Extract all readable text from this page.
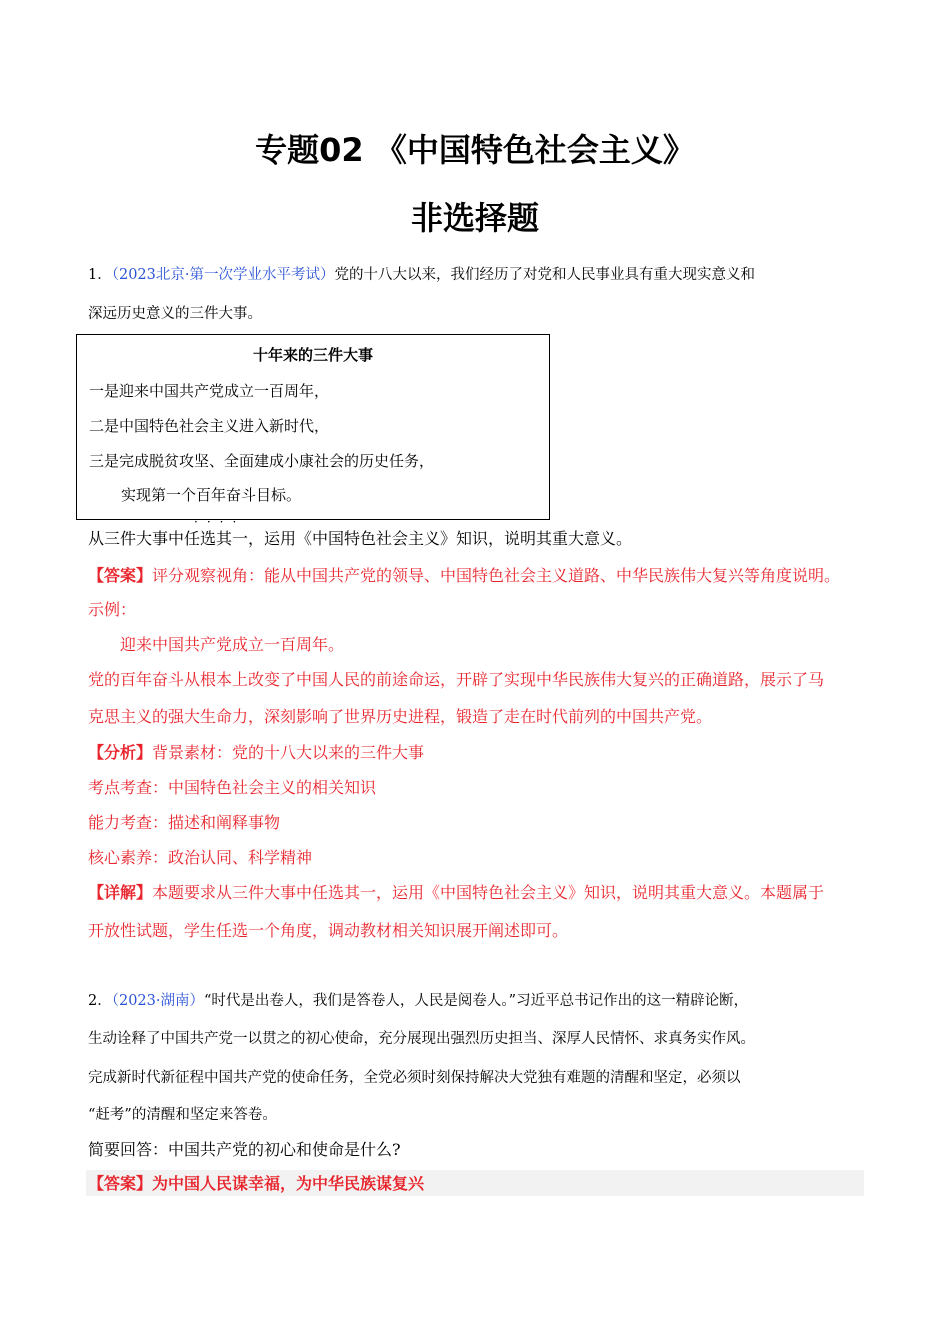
专题02 《中国特色社会主义》
非选择题
1．（2023北京·第一次学业水平考试）党的十八大以来，我们经历了对党和人民事业具有重大现实意义和
深远历史意义的三件大事。
十年来的三件大事
一是迎来中国共产党成立一百周年，
二是中国特色社会主义进入新时代，
三是完成脱贫攻坚、全面建成小康社会的历史任务，
实现第一个百年奋斗目标。
····
从三件大事中任选其一，运用《中国特色社会主义》知识，说明其重大意义。
【答案】评分观察视角：能从中国共产党的领导、中国特色社会主义道路、中华民族伟大复兴等角度说明。
示例：
迎来中国共产党成立一百周年。
党的百年奋斗从根本上改变了中国人民的前途命运，开辟了实现中华民族伟大复兴的正确道路，展示了马
克思主义的强大生命力，深刻影响了世界历史进程，锻造了走在时代前列的中国共产党。
【分析】背景素材：党的十八大以来的三件大事
考点考查：中国特色社会主义的相关知识
能力考查：描述和阐释事物
核心素养：政治认同、科学精神
【详解】本题要求从三件大事中任选其一，运用《中国特色社会主义》知识，说明其重大意义。本题属于
开放性试题，学生任选一个角度，调动教材相关知识展开阐述即可。
2．（2023·湖南）“时代是出卷人，我们是答卷人，人民是阅卷人。”习近平总书记作出的这一精辟论断，
生动诠释了中国共产党一以贯之的初心使命，充分展现出强烈历史担当、深厚人民情怀、求真务实作风。
完成新时代新征程中国共产党的使命任务，全党必须时刻保持解决大党独有难题的清醒和坚定，必须以
“赶考”的清醒和坚定来答卷。
简要回答：中国共产党的初心和使命是什么?
【答案】为中国人民谋幸福，为中华民族谋复兴
